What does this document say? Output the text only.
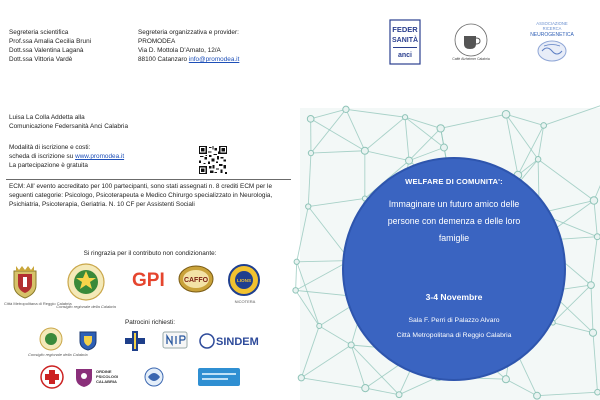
Segreteria scientifica
Prof.ssa Amalia Cecilia Bruni
Dott.ssa Valentina Laganà
Dott.ssa Vittoria Vardè
Segreteria organizzativa e provider:
PROMODEA
Via D. Mottola D'Amato, 12/A
88100 Catanzaro info@promodea.it
Luisa La Colla Addetta alla
Comunicazione Federsanità Anci Calabria
Modalità di iscrizione e costi:
scheda di iscrizione su www.promodea.it
La partecipazione è gratuita
ECM: All' evento accreditato per 100 partecipanti, sono stati assegnati n. 8 crediti ECM per le seguenti categorie: Psicologo, Psicoterapeuta e Medico Chirurgo specializzato in Neurologia, Psichiatria, Psicoterapia, Geriatria. N. 10 CF per Assistenti Sociali
Si ringrazia per il contributo non condizionante:
Città Metropolitana di Reggio Calabria
Consiglio regionale della Calabria
GPI	CAFFO	LIONS
NICOTERA
Patrocini richiesti:
Consiglio regionale della Calabria
SINDEM
ORDINE PSICOLOGI CALABRIA
FEDER
SANITÀ
anci	Caffè Alzheimer Calabria
ASSOCIAZIONE
RICERCA
NEUROGENETICA
WELFARE DI COMUNITA':
Immaginare un futuro amico delle
persone con demenza e delle loro
famiglie
3-4 Novembre
Sala F. Perri di Palazzo Alvaro
Città Metropolitana di Reggio Calabria
